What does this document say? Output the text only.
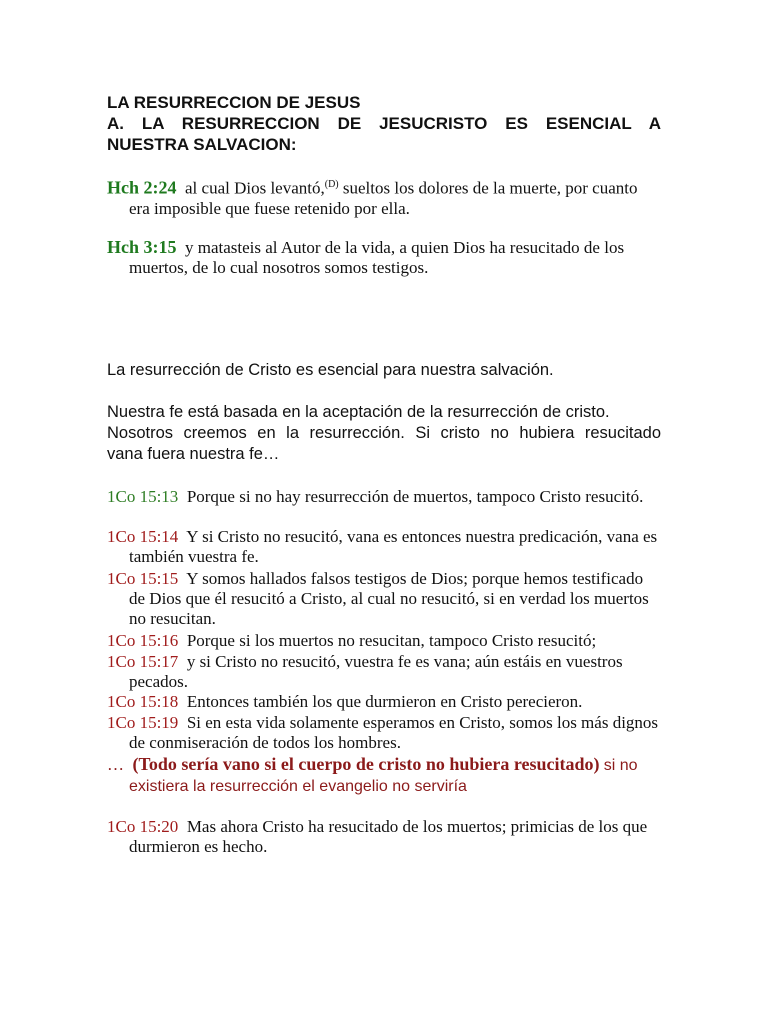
LA RESURRECCION DE JESUS
A. LA RESURRECCION DE JESUCRISTO ES ESENCIAL A
NUESTRA SALVACION:
Hch 2:24 al cual Dios levantó,$^{(D)}$ sueltos los dolores de la muerte, por cuanto era imposible que fuese retenido por ella.
Hch 3:15 y matasteis al Autor de la vida, a quien Dios ha resucitado de los muertos, de lo cual nosotros somos testigos.
La resurrección de Cristo es esencial para nuestra salvación.
Nuestra fe está basada en la aceptación de la resurrección de cristo.
Nosotros creemos en la resurrección. Si cristo no hubiera resucitado
vana fuera nuestra fe…
1Co 15:13 Porque si no hay resurrección de muertos, tampoco Cristo resucitó.
1Co 15:14 Y si Cristo no resucitó, vana es entonces nuestra predicación, vana es también vuestra fe.
1Co 15:15 Y somos hallados falsos testigos de Dios; porque hemos testificado de Dios que él resucitó a Cristo, al cual no resucitó, si en verdad los muertos no resucitan.
1Co 15:16 Porque si los muertos no resucitan, tampoco Cristo resucitó;
1Co 15:17 y si Cristo no resucitó, vuestra fe es vana; aún estáis en vuestros pecados.
1Co 15:18 Entonces también los que durmieron en Cristo perecieron.
1Co 15:19 Si en esta vida solamente esperamos en Cristo, somos los más dignos de conmiseración de todos los hombres.
… (Todo sería vano si el cuerpo de cristo no hubiera resucitado) si no existiera la resurrección el evangelio no serviría
1Co 15:20 Mas ahora Cristo ha resucitado de los muertos; primicias de los que durmieron es hecho.
